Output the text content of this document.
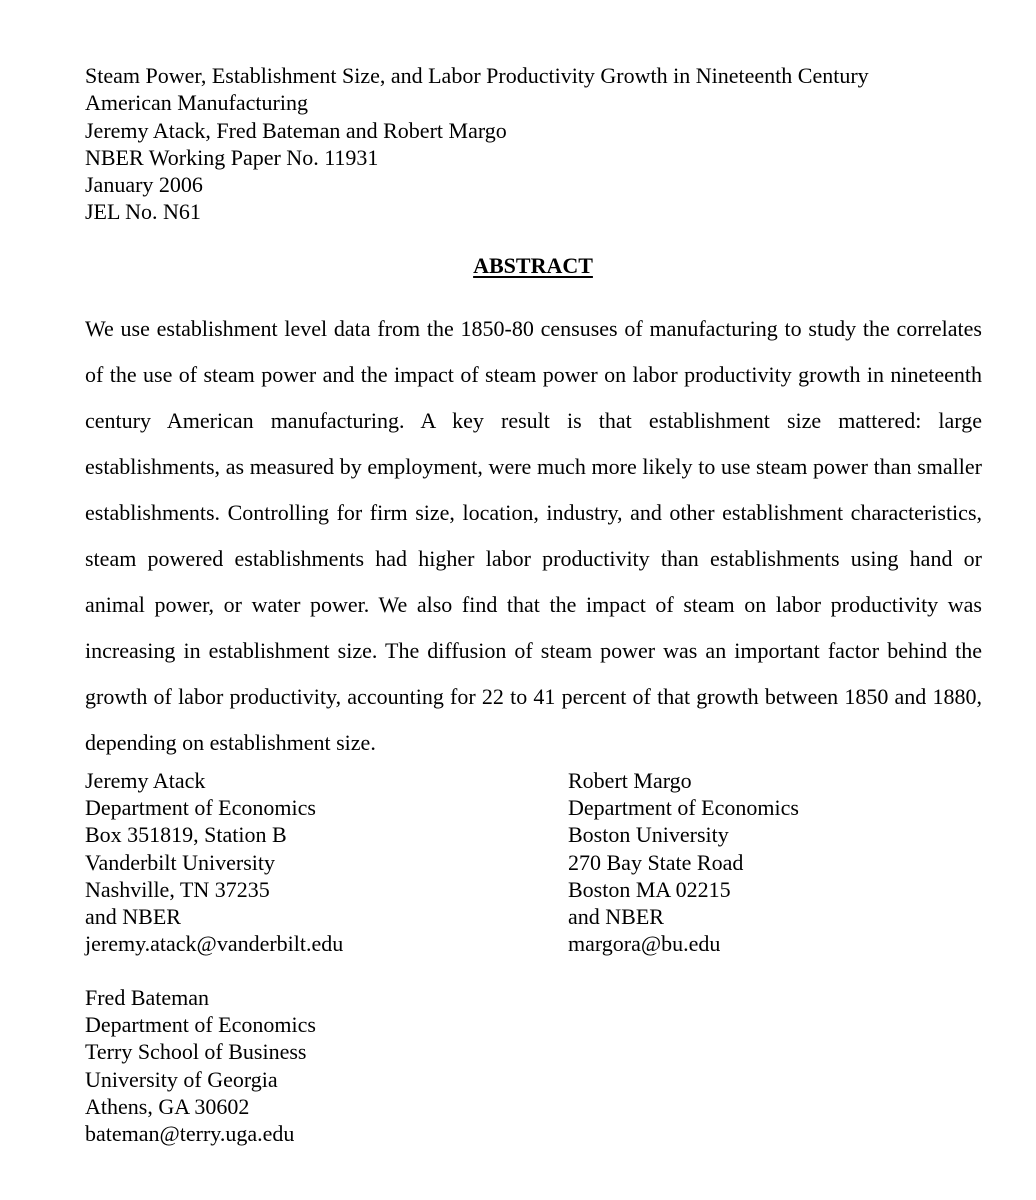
Steam Power, Establishment Size, and Labor Productivity Growth in Nineteenth Century
American Manufacturing
Jeremy Atack, Fred Bateman and Robert Margo
NBER Working Paper No. 11931
January 2006
JEL No. N61
ABSTRACT

We use establishment level data from the 1850-80 censuses of manufacturing to study the correlates of the use of steam power and the impact of steam power on labor productivity growth in nineteenth century American manufacturing. A key result is that establishment size mattered: large establishments, as measured by employment, were much more likely to use steam power than smaller establishments. Controlling for firm size, location, industry, and other establishment characteristics, steam powered establishments had higher labor productivity than establishments using hand or animal power, or water power. We also find that the impact of steam on labor productivity was increasing in establishment size. The diffusion of steam power was an important factor behind the growth of labor productivity, accounting for 22 to 41 percent of that growth between 1850 and 1880, depending on establishment size.

Jeremy Atack
Department of Economics
Box 351819, Station B
Vanderbilt University
Nashville, TN 37235
and NBER
jeremy.atack@vanderbilt.edu
Robert Margo
Department of Economics
Boston University
270 Bay State Road
Boston MA 02215
and NBER
margora@bu.edu
Fred Bateman
Department of Economics
Terry School of Business
University of Georgia
Athens, GA 30602
bateman@terry.uga.edu
